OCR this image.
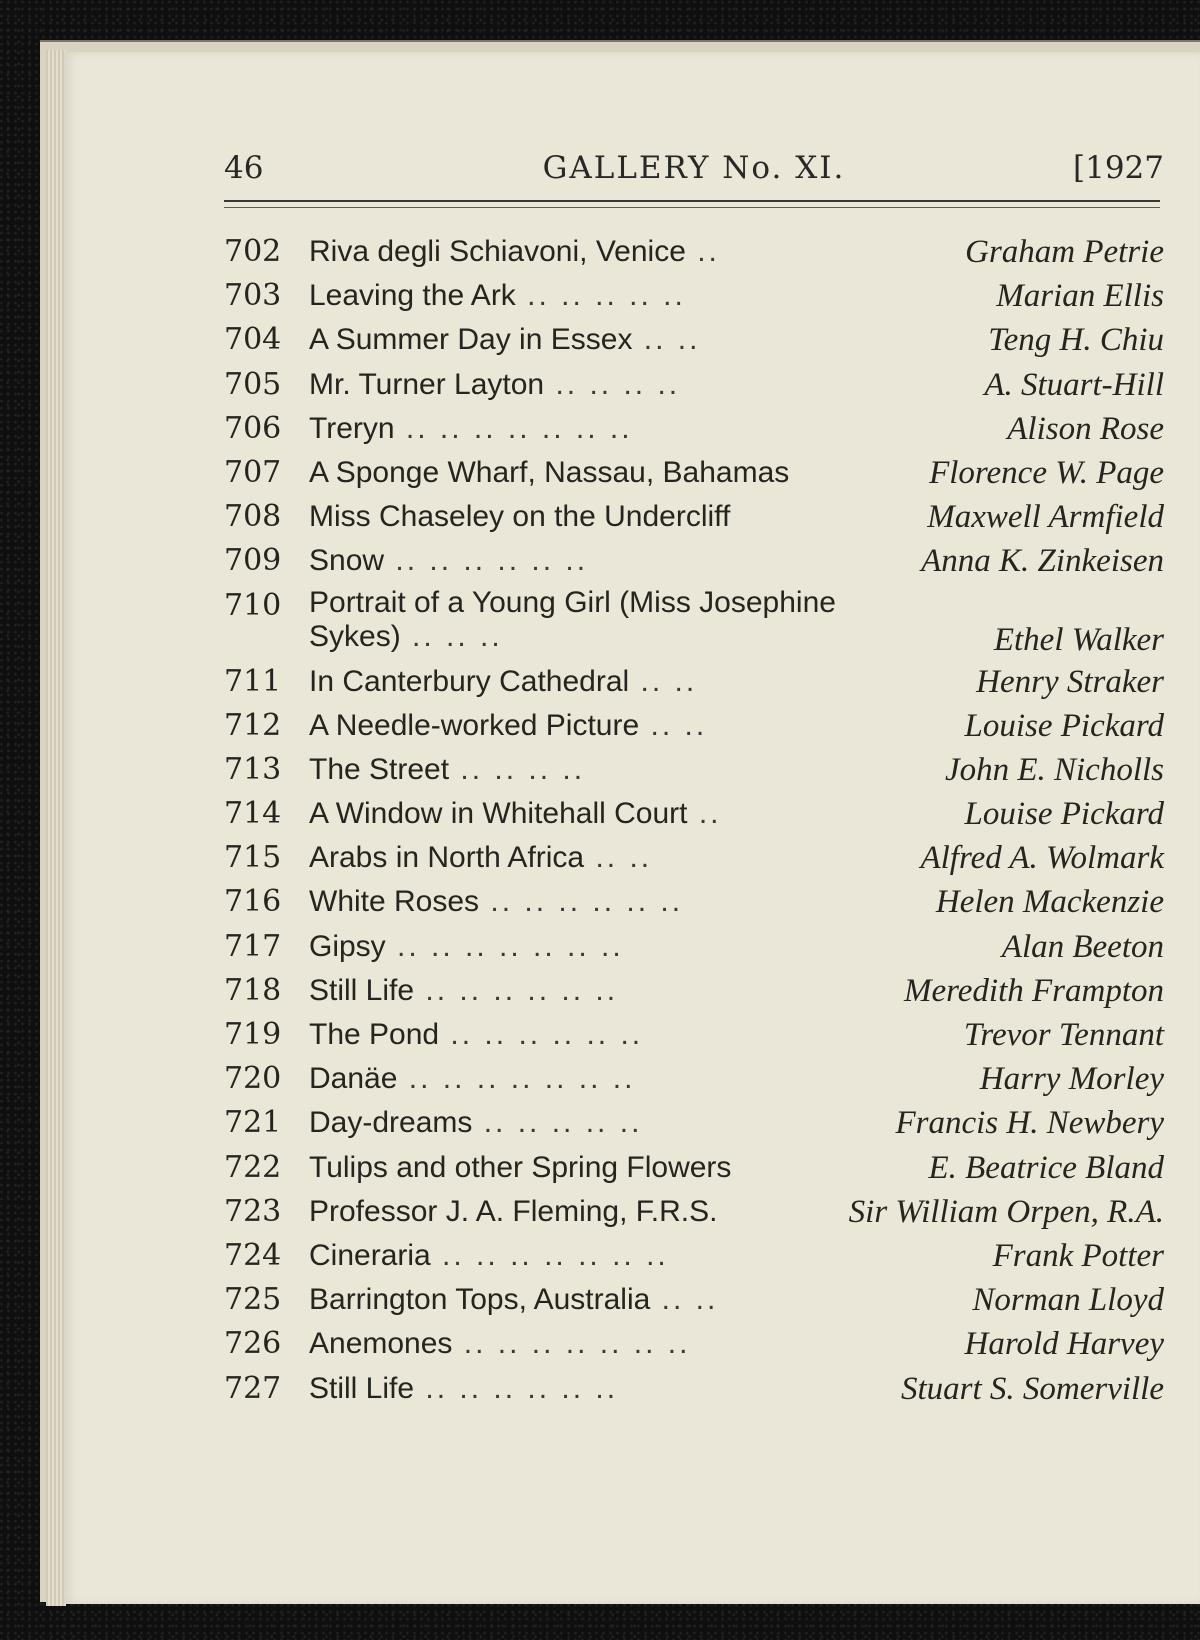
46	GALLERY No. XI.	[1927
702 Riva degli Schiavoni, Venice ..	Graham Petrie
703 Leaving the Ark .. .. .. .. ..	Marian Ellis
704 A Summer Day in Essex .. ..	Teng H. Chiu
705 Mr. Turner Layton .. .. .. ..	A. Stuart-Hill
706 Treryn .. .. .. .. .. .. ..	Alison Rose
707 A Sponge Wharf, Nassau, Bahamas	Florence W. Page
708 Miss Chaseley on the Undercliff	Maxwell Armfield
709 Snow .. .. .. .. .. ..	Anna K. Zinkeisen
710 Portrait of a Young Girl (Miss Josephine Sykes) .. .. ..	Ethel Walker
711 In Canterbury Cathedral .. ..	Henry Straker
712 A Needle-worked Picture .. ..	Louise Pickard
713 The Street .. .. .. ..	John E. Nicholls
714 A Window in Whitehall Court ..	Louise Pickard
715 Arabs in North Africa .. ..	Alfred A. Wolmark
716 White Roses .. .. .. .. .. ..	Helen Mackenzie
717 Gipsy .. .. .. .. .. .. ..	Alan Beeton
718 Still Life .. .. .. .. .. ..	Meredith Frampton
719 The Pond .. .. .. .. .. ..	Trevor Tennant
720 Danäe .. .. .. .. .. .. ..	Harry Morley
721 Day-dreams .. .. .. .. ..	Francis H. Newbery
722 Tulips and other Spring Flowers	E. Beatrice Bland
723 Professor J. A. Fleming, F.R.S.	Sir William Orpen, R.A.
724 Cineraria .. .. .. .. .. .. ..	Frank Potter
725 Barrington Tops, Australia .. ..	Norman Lloyd
726 Anemones .. .. .. .. .. .. ..	Harold Harvey
727 Still Life .. .. .. .. .. ..	Stuart S. Somerville
